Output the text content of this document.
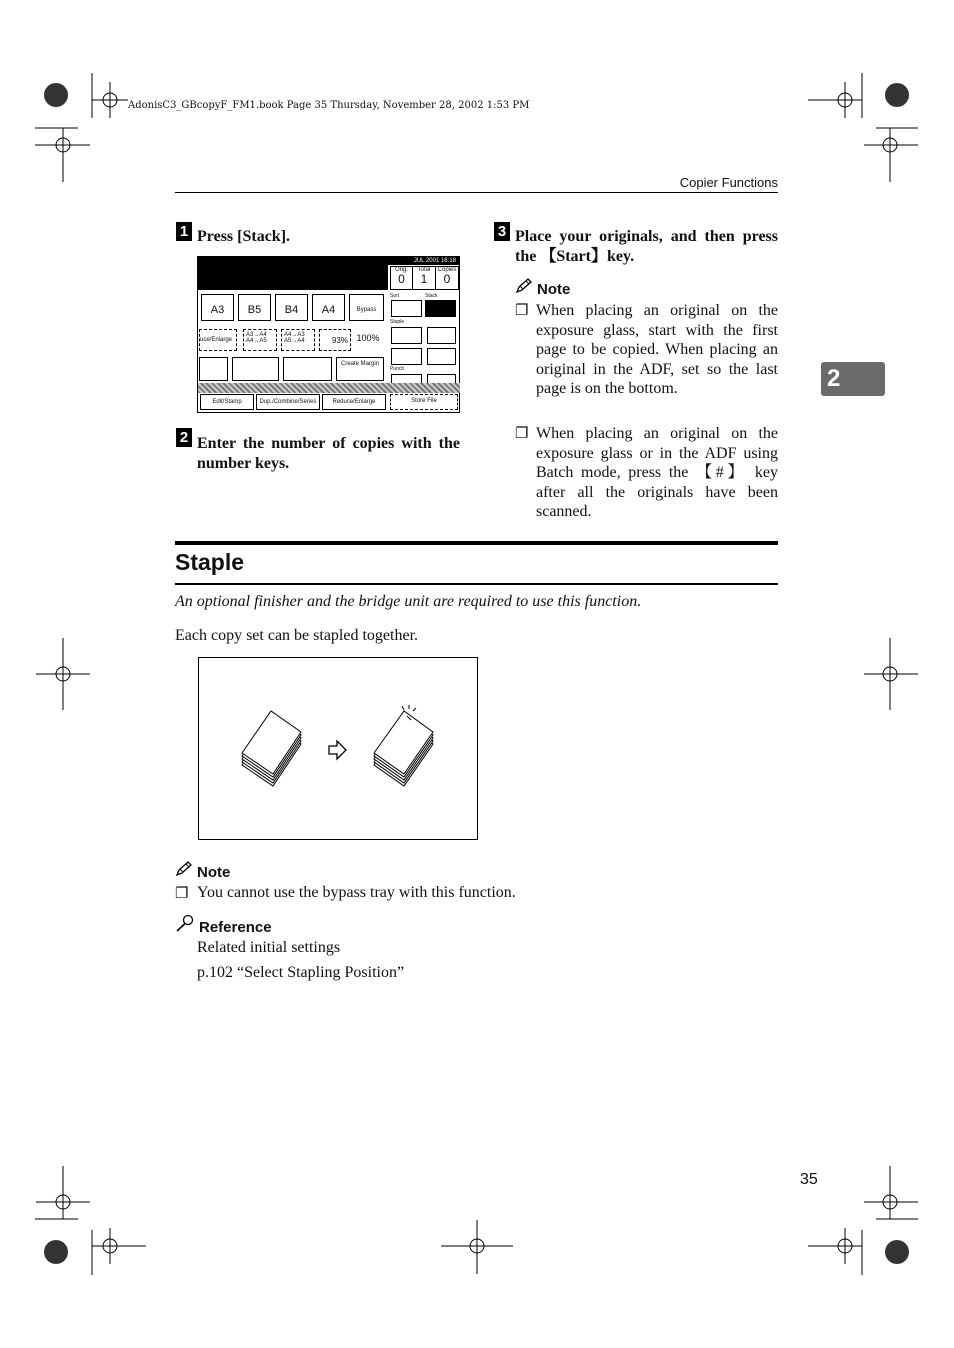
AdonisC3_GBcopyF_FM1.book Page 35 Thursday, November 28, 2002 1:53 PM
Copier Functions
2
1 Press [Stack].
JUL 2001 16:18
Orig.
0
Total
1
Copies
0
A3	B5	B4	A4	Bypass
Sort	Stack
Staple
Punch
uce/Enlarge
A3→A4
A4→A5
A4→A3
A5→A4	93% 100%
Create Margin
Edit/Stamp	Dup./Combine/Series	Reduce/Enlarge	Store File
2 Enter the number of copies with the number keys.
3 Place your originals, and then press the 【Start】key.
Note
❐ When placing an original on the exposure glass, start with the first page to be copied. When placing an original in the ADF, set so the last page is on the bottom.
❐ When placing an original on the exposure glass or in the ADF using Batch mode, press the 【#】 key after all the originals have been scanned.
Staple
An optional finisher and the bridge unit are required to use this function.
Each copy set can be stapled together.
Note
❐ You cannot use the bypass tray with this function.
Reference
Related initial settings
p.102 “Select Stapling Position”
35
